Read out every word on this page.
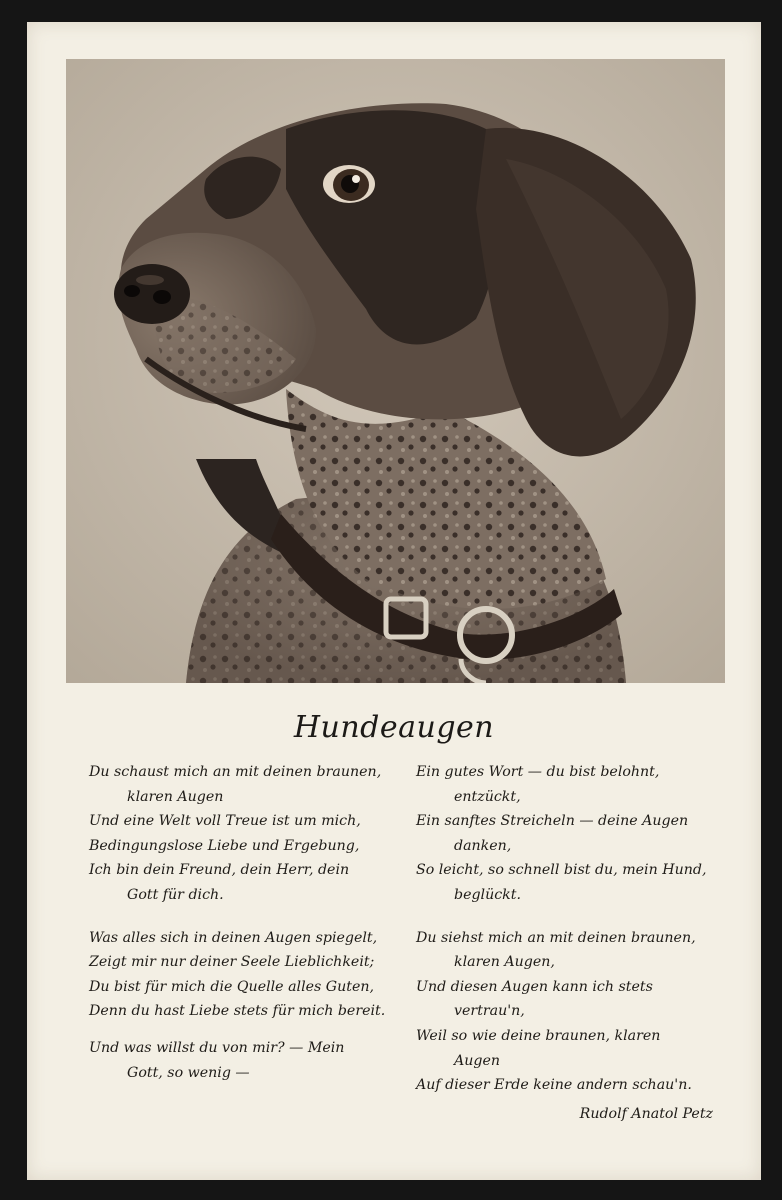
Hundeaugen
Du schaust mich an mit deinen braunen,
klaren Augen
Und eine Welt voll Treue ist um mich,
Bedingungslose Liebe und Ergebung,
Ich bin dein Freund, dein Herr, dein
Gott für dich.
Was alles sich in deinen Augen spiegelt,
Zeigt mir nur deiner Seele Lieblichkeit;
Du bist für mich die Quelle alles Guten,
Denn du hast Liebe stets für mich bereit.
Und was willst du von mir? — Mein
Gott, so wenig —
Ein gutes Wort — du bist belohnt,
entzückt,
Ein sanftes Streicheln — deine Augen
danken,
So leicht, so schnell bist du, mein Hund,
beglückt.
Du siehst mich an mit deinen braunen,
klaren Augen,
Und diesen Augen kann ich stets
vertrau'n,
Weil so wie deine braunen, klaren
Augen
Auf dieser Erde keine andern schau'n.
Rudolf Anatol Petz
